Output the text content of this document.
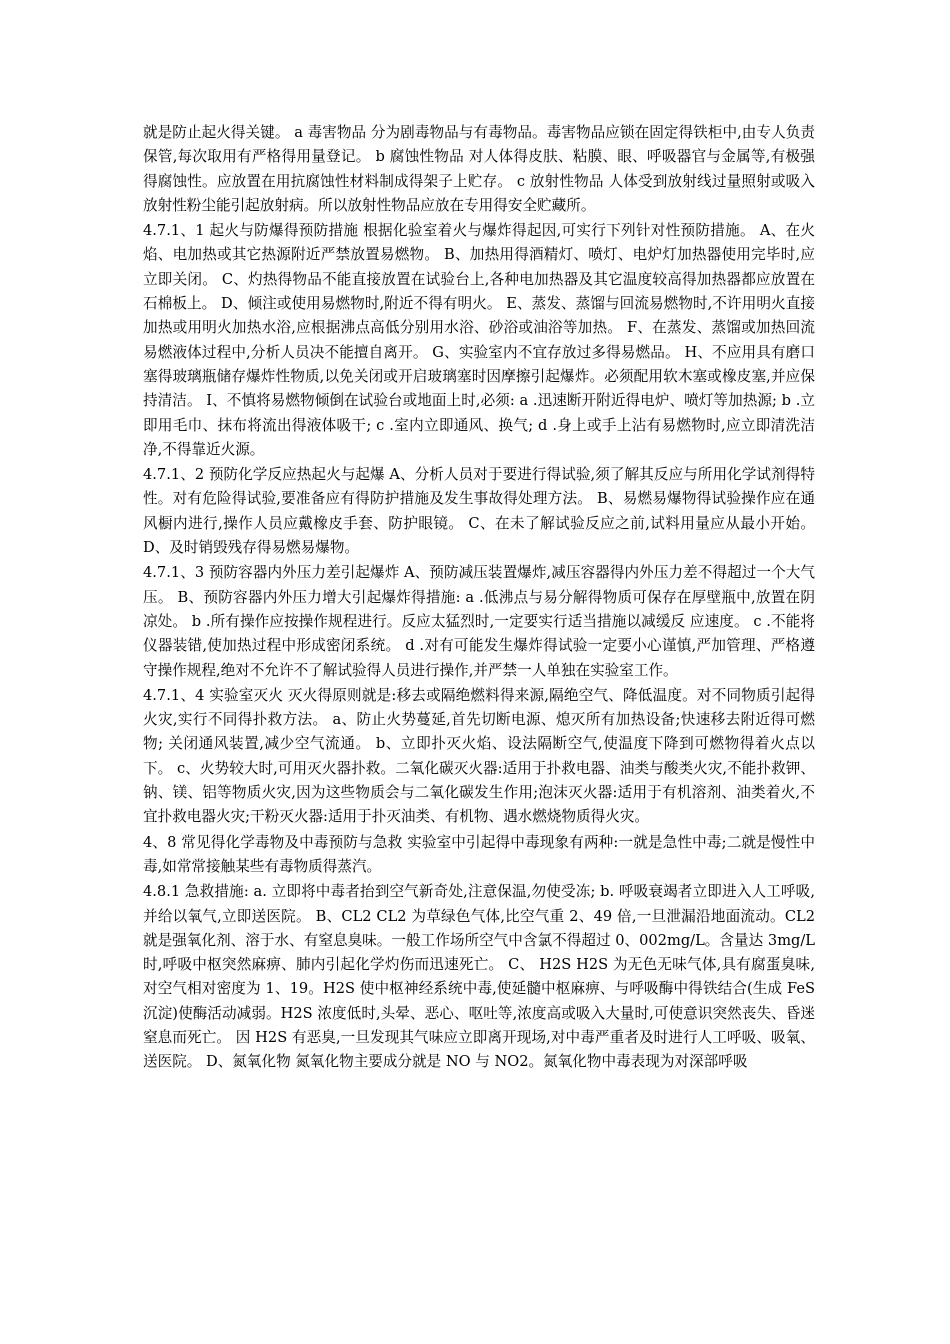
就是防止起火得关键。 a 毒害物品 分为剧毒物品与有毒物品。毒害物品应锁在固定得铁柜中,由专人负责保管,每次取用有严格得用量登记。 b 腐蚀性物品 对人体得皮肤、粘膜、眼、呼吸器官与金属等,有极强得腐蚀性。应放置在用抗腐蚀性材料制成得架子上贮存。 c 放射性物品 人体受到放射线过量照射或吸入放射性粉尘能引起放射病。所以放射性物品应放在专用得安全贮藏所。

4.7.1、1 起火与防爆得预防措施 根据化验室着火与爆炸得起因,可实行下列针对性预防措施。 A、在火焰、电加热或其它热源附近严禁放置易燃物。 B、加热用得酒精灯、喷灯、电炉灯加热器使用完毕时,应立即关闭。 C、灼热得物品不能直接放置在试验台上,各种电加热器及其它温度较高得加热器都应放置在石棉板上。 D、倾注或使用易燃物时,附近不得有明火。 E、蒸发、蒸馏与回流易燃物时,不许用明火直接加热或用明火加热水浴,应根据沸点高低分别用水浴、砂浴或油浴等加热。 F、在蒸发、蒸馏或加热回流易燃液体过程中,分析人员决不能擅自离开。 G、实验室内不宜存放过多得易燃品。 H、不应用具有磨口塞得玻璃瓶储存爆炸性物质,以免关闭或开启玻璃塞时因摩擦引起爆炸。必须配用软木塞或橡皮塞,并应保持清洁。 I、不慎将易燃物倾倒在试验台或地面上时,必须: a .迅速断开附近得电炉、喷灯等加热源; b .立即用毛巾、抹布将流出得液体吸干; c .室内立即通风、换气; d .身上或手上沾有易燃物时,应立即清洗洁净,不得靠近火源。

4.7.1、2 预防化学反应热起火与起爆 A、分析人员对于要进行得试验,须了解其反应与所用化学试剂得特性。对有危险得试验,要准备应有得防护措施及发生事故得处理方法。 B、易燃易爆物得试验操作应在通风橱内进行,操作人员应戴橡皮手套、防护眼镜。 C、在未了解试验反应之前,试料用量应从最小开始。 D、及时销毁残存得易燃易爆物。

4.7.1、3 预防容器内外压力差引起爆炸 A、预防减压装置爆炸,减压容器得内外压力差不得超过一个大气压。 B、预防容器内外压力增大引起爆炸得措施: a .低沸点与易分解得物质可保存在厚壁瓶中,放置在阴凉处。 b .所有操作应按操作规程进行。反应太猛烈时,一定要实行适当措施以减缓反 应速度。 c .不能将仪器装错,使加热过程中形成密闭系统。 d .对有可能发生爆炸得试验一定要小心谨慎,严加管理、严格遵守操作规程,绝对不允许不了解试验得人员进行操作,并严禁一人单独在实验室工作。

4.7.1、4 实验室灭火 灭火得原则就是:移去或隔绝燃料得来源,隔绝空气、降低温度。对不同物质引起得火灾,实行不同得扑救方法。 a、防止火势蔓延,首先切断电源、熄灭所有加热设备;快速移去附近得可燃物; 关闭通风装置,减少空气流通。 b、立即扑灭火焰、设法隔断空气,使温度下降到可燃物得着火点以下。 c、火势较大时,可用灭火器扑救。二氧化碳灭火器:适用于扑救电器、油类与酸类火灾,不能扑救钾、钠、镁、铝等物质火灾,因为这些物质会与二氧化碳发生作用;泡沫灭火器:适用于有机溶剂、油类着火,不宜扑救电器火灾;干粉灭火器:适用于扑灭油类、有机物、遇水燃烧物质得火灾。

4、8 常见得化学毒物及中毒预防与急救 实验室中引起得中毒现象有两种:一就是急性中毒;二就是慢性中毒,如常常接触某些有毒物质得蒸汽。

4.8.1 急救措施: a. 立即将中毒者抬到空气新奇处,注意保温,勿使受冻; b. 呼吸衰竭者立即进入人工呼吸,并给以氧气,立即送医院。 B、CL2 CL2 为草绿色气体,比空气重 2、49 倍,一旦泄漏沿地面流动。CL2 就是强氧化剂、溶于水、有窒息臭味。一般工作场所空气中含氯不得超过 0、002mg/L。含量达 3mg/L 时,呼吸中枢突然麻痹、肺内引起化学灼伤而迅速死亡。 C、 H2S H2S 为无色无味气体,具有腐蛋臭味,对空气相对密度为 1、19。H2S 使中枢神经系统中毒,使延髓中枢麻痹、与呼吸酶中得铁结合(生成 FeS 沉淀)使酶活动减弱。H2S 浓度低时,头晕、恶心、呕吐等,浓度高或吸入大量时,可使意识突然丧失、昏迷窒息而死亡。 因 H2S 有恶臭,一旦发现其气味应立即离开现场,对中毒严重者及时进行人工呼吸、吸氧、送医院。 D、氮氧化物 氮氧化物主要成分就是 NO 与 NO2。氮氧化物中毒表现为对深部呼吸
